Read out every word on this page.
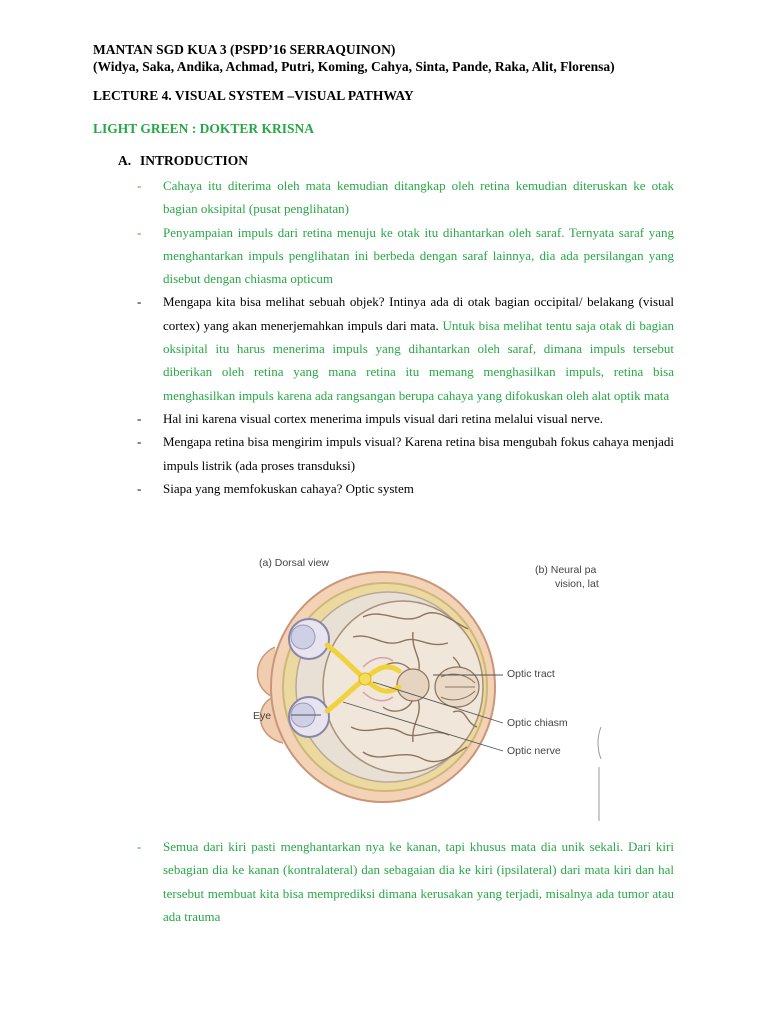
MANTAN SGD KUA 3 (PSPD’16 SERRAQUINON)
(Widya, Saka, Andika, Achmad, Putri, Koming, Cahya, Sinta, Pande, Raka, Alit, Florensa)
LECTURE 4. VISUAL SYSTEM –VISUAL PATHWAY
LIGHT GREEN : DOKTER KRISNA
A. INTRODUCTION
- Cahaya itu diterima oleh mata kemudian ditangkap oleh retina kemudian diteruskan ke otak bagian oksipital (pusat penglihatan)
- Penyampaian impuls dari retina menuju ke otak itu dihantarkan oleh saraf. Ternyata saraf yang menghantarkan impuls penglihatan ini berbeda dengan saraf lainnya, dia ada persilangan yang disebut dengan chiasma opticum
- Mengapa kita bisa melihat sebuah objek? Intinya ada di otak bagian occipital/ belakang (visual cortex) yang akan menerjemahkan impuls dari mata. Untuk bisa melihat tentu saja otak di bagian oksipital itu harus menerima impuls yang dihantarkan oleh saraf, dimana impuls tersebut diberikan oleh retina yang mana retina itu memang menghasilkan impuls, retina bisa menghasilkan impuls karena ada rangsangan berupa cahaya yang difokuskan oleh alat optik mata
- Hal ini karena visual cortex menerima impuls visual dari retina melalui visual nerve.
- Mengapa retina bisa mengirim impuls visual? Karena retina bisa mengubah fokus cahaya menjadi impuls listrik (ada proses transduksi)
- Siapa yang memfokuskan cahaya? Optic system
(a) Dorsal view
(b) Neural pa
vision, lat
Eye
Optic tract
Optic chiasm
Optic nerve
- Semua dari kiri pasti menghantarkan nya ke kanan, tapi khusus mata dia unik sekali. Dari kiri sebagian dia ke kanan (kontralateral) dan sebagaian dia ke kiri (ipsilateral) dari mata kiri dan hal tersebut membuat kita bisa memprediksi dimana kerusakan yang terjadi, misalnya ada tumor atau ada trauma
